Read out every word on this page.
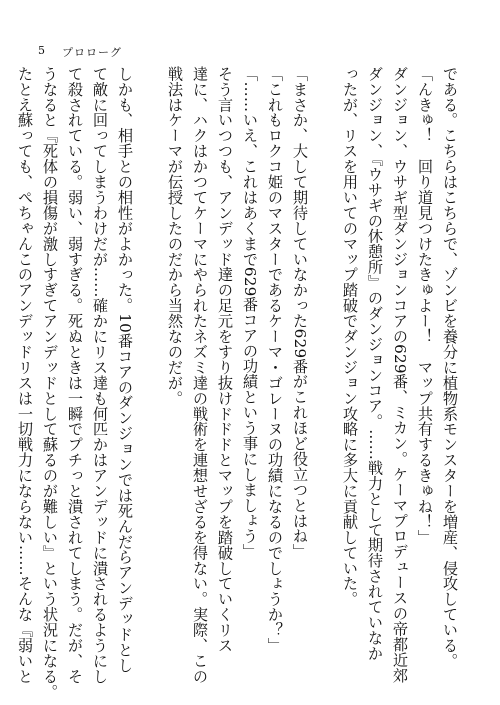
5 プロローグ
である。こちらはこちらで、ゾンビを養分に植物系モンスターを増産、侵攻している。
「んきゅ！　回り道見つけたきゅよー！　マップ共有するきゅね！」
ダンジョン、ウサギ型ダンジョンコアの629番、ミカン。ケーマプロデュースの帝都近郊
ダンジョン、『ウサギの休憩所』のダンジョンコア。……戦力として期待されていなか
ったが、リスを用いてのマップ踏破でダンジョン攻略に多大に貢献していた。
「まさか、大して期待していなかった629番がこれほど役立つとはね」
「これもロクコ姫のマスターであるケーマ・ゴレーヌの功績になるのでしょうか？」
「……いえ、これはあくまで629番コアの功績という事にしましょう」
そう言いつつも、アンデッド達の足元をすり抜けドドドとマップを踏破していくリス
達に、ハクはかつてケーマにやられたネズミ達の戦術を連想せざるを得ない。実際、この
戦法はケーマが伝授したのだから当然なのだが。
しかも、相手との相性がよかった。10番コアのダンジョンでは死んだらアンデッドとし
て敵に回ってしまうわけだが……確かにリス達も何匹かはアンデッドに潰されるようにし
て殺されている。弱い、弱すぎる。死ぬときは一瞬でプチっと潰されてしまう。だが、そ
うなると『死体の損傷が激しすぎてアンデッドとして蘇るのが難しい』という状況になる。
たとえ蘇っても、ぺちゃんこのアンデッドリスは一切戦力にならない……そんな『弱いと
